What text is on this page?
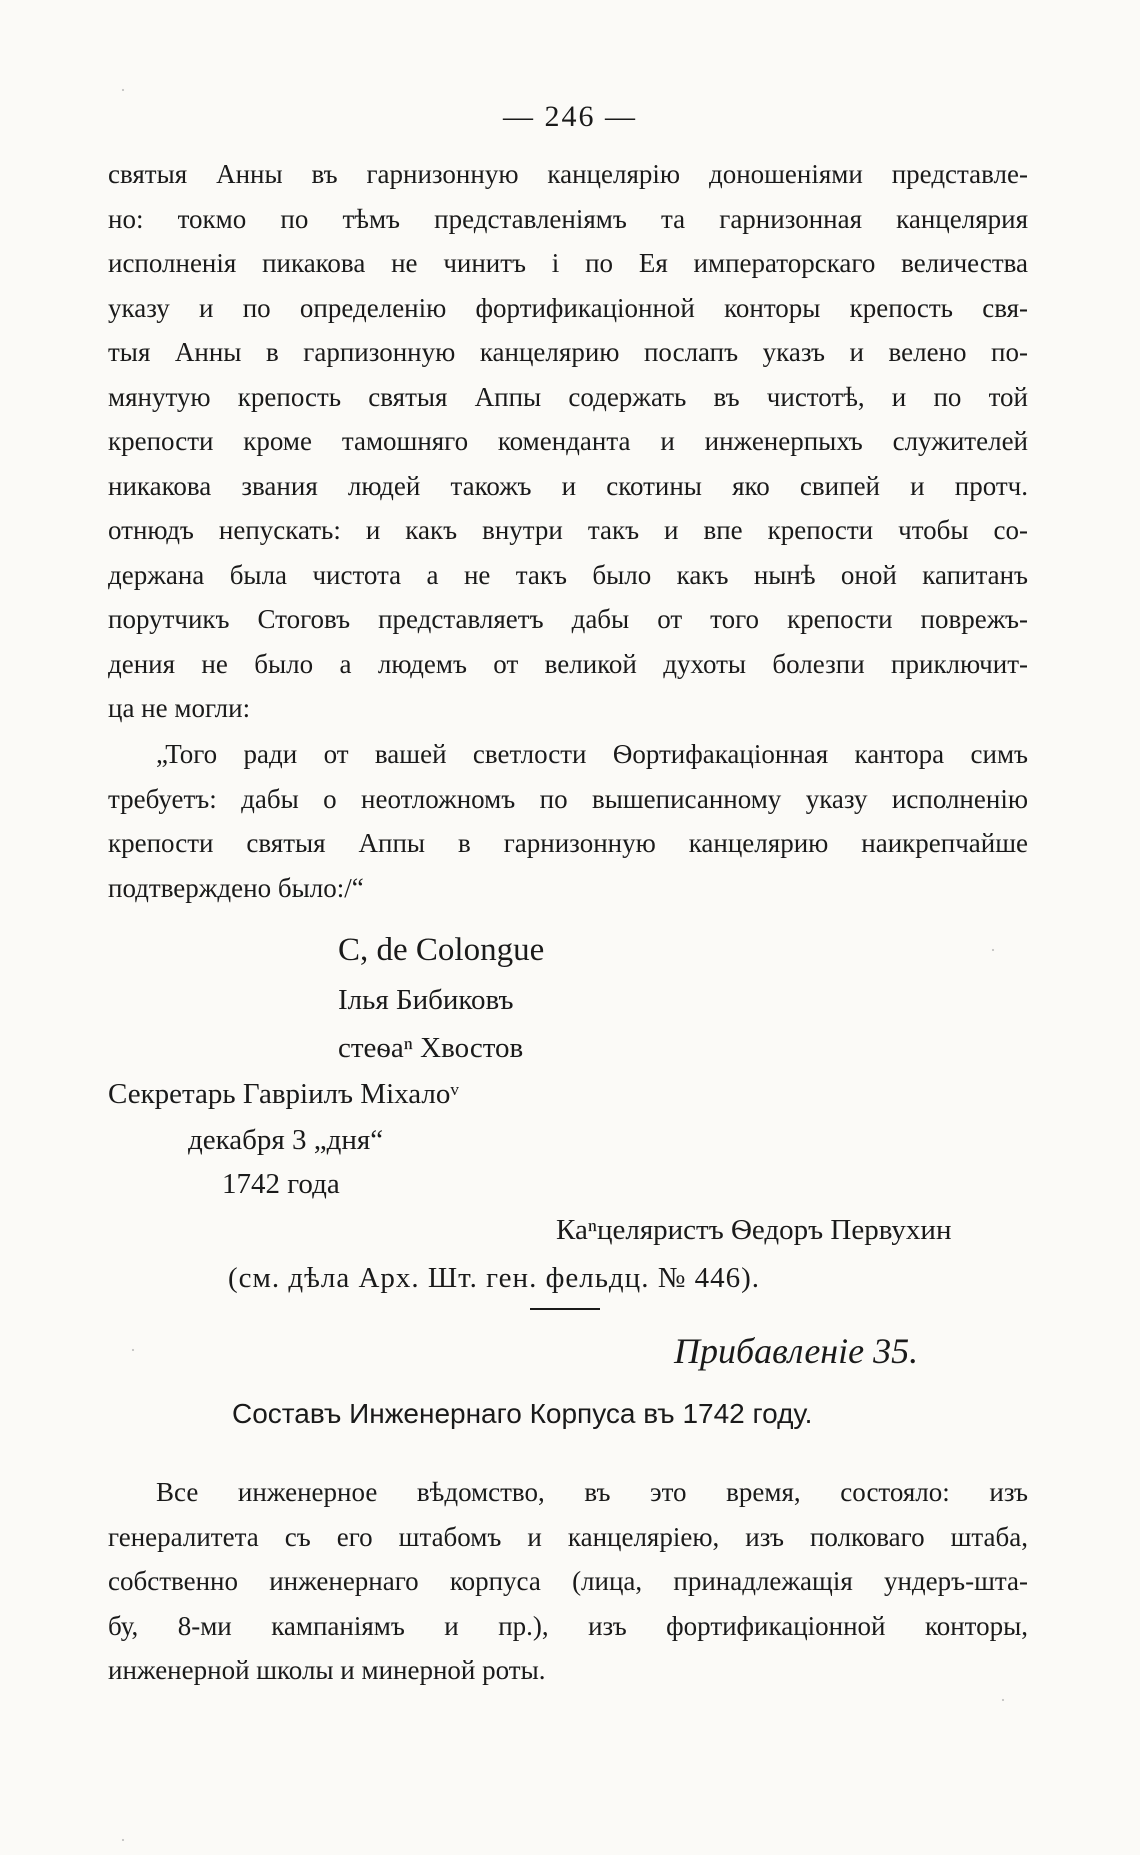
— 246 —
святыя Анны въ гарнизонную канцелярію доношеніями представле-
но: токмо по тѣмъ представленіямъ та гарнизонная канцелярия
исполненія пикакова не чинитъ і по Ея императорскаго величества
указу и по определенію фортификаціонной конторы крепость свя-
тыя Анны в гарпизонную канцелярию послапъ указъ и велено по-
мянутую крепость святыя Аппы содержать въ чистотѣ, и по той
крепости кроме тамошняго коменданта и инженерпыхъ служителей
никакова звания людей такожъ и скотины яко свипей и протч.
отнюдъ непускать: и какъ внутри такъ и впе крепости чтобы со-
держана была чистота а не такъ было какъ нынѣ оной капитанъ
порутчикъ Стоговъ представляетъ дабы от того крепости поврежъ-
дения не было а людемъ от великой духоты болезпи приключит-
ца не могли:
„Того ради от вашей светлости Ѳортифакаціонная кантора симъ
требуетъ: дабы о неотложномъ по вышеписанному указу исполненію
крепости святыя Аппы в гарнизонную канцелярию наикрепчайше
подтверждено было:/“
C, de Colongue
Ілья Бибиковъ
стеѳаⁿ Хвостов
Секретарь Гавріилъ Міхалоᵛ
декабря 3 „дня“
1742 года
Каⁿцеляристъ Ѳедоръ Первухин
(см. дѣла Арх. Шт. ген. фельдц. № 446).
Прибавленіе 35.
Составъ Инженернаго Корпуса въ 1742 году.
Все инженерное вѣдомство, въ это время, состояло: изъ
генералитета съ его штабомъ и канцеляріею, изъ полковаго штаба,
собственно инженернаго корпуса (лица, принадлежащія ундеръ-шта-
бу, 8-ми кампаніямъ и пр.), изъ фортификаціонной конторы,
инженерной школы и минерной роты.
·
·
·
·
·
